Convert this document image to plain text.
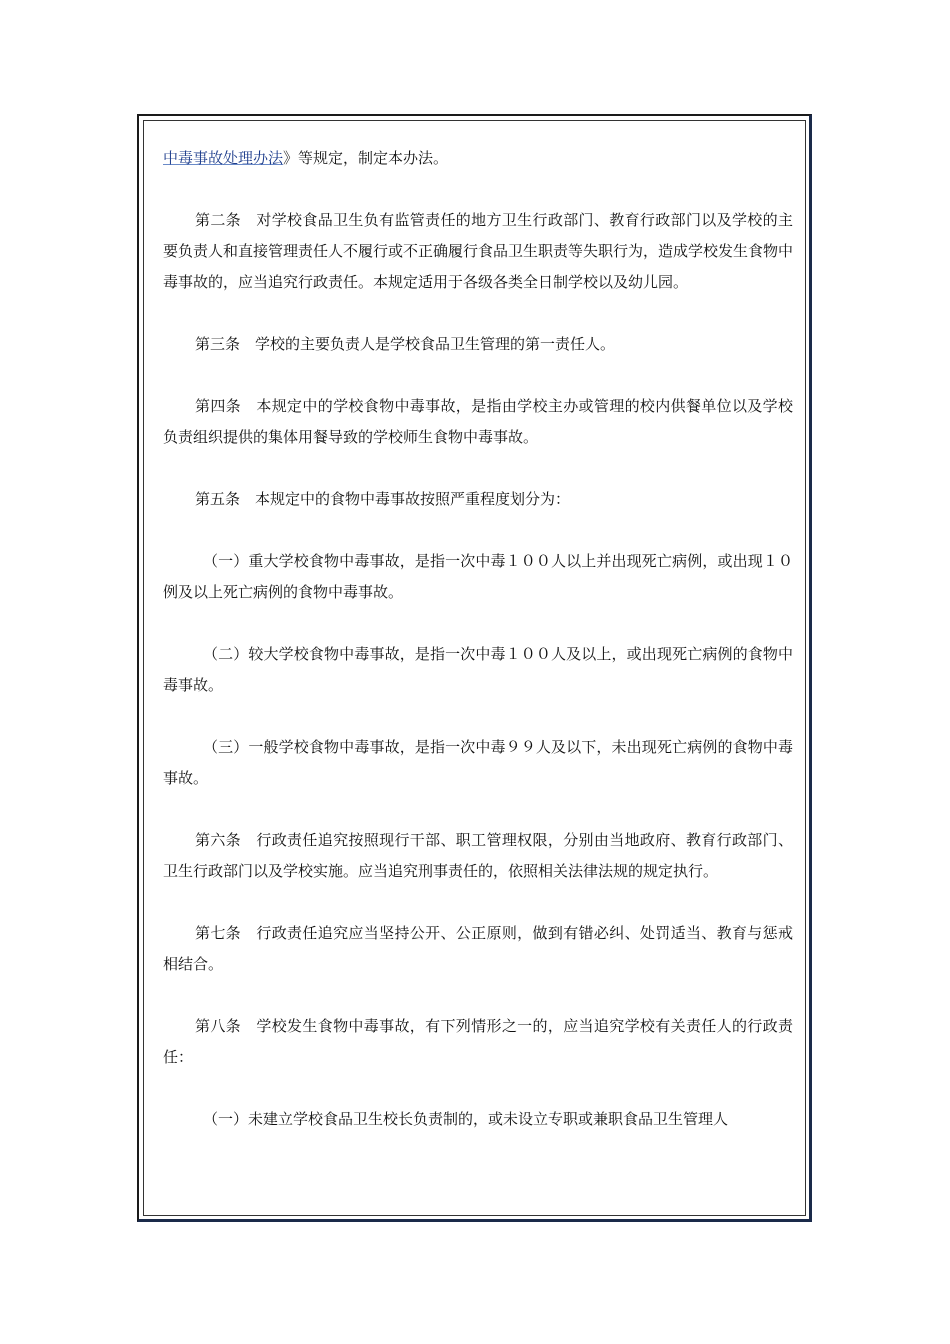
中毒事故处理办法》等规定，制定本办法。

第二条　对学校食品卫生负有监管责任的地方卫生行政部门、教育行政部门以及学校的主要负责人和直接管理责任人不履行或不正确履行食品卫生职责等失职行为，造成学校发生食物中毒事故的，应当追究行政责任。本规定适用于各级各类全日制学校以及幼儿园。

第三条　学校的主要负责人是学校食品卫生管理的第一责任人。

第四条　本规定中的学校食物中毒事故，是指由学校主办或管理的校内供餐单位以及学校负责组织提供的集体用餐导致的学校师生食物中毒事故。

第五条　本规定中的食物中毒事故按照严重程度划分为：

（一）重大学校食物中毒事故，是指一次中毒１００人以上并出现死亡病例，或出现１０例及以上死亡病例的食物中毒事故。

（二）较大学校食物中毒事故，是指一次中毒１００人及以上，或出现死亡病例的食物中毒事故。

（三）一般学校食物中毒事故，是指一次中毒９９人及以下，未出现死亡病例的食物中毒事故。

第六条　行政责任追究按照现行干部、职工管理权限，分别由当地政府、教育行政部门、卫生行政部门以及学校实施。应当追究刑事责任的，依照相关法律法规的规定执行。

第七条　行政责任追究应当坚持公开、公正原则，做到有错必纠、处罚适当、教育与惩戒相结合。

第八条　学校发生食物中毒事故，有下列情形之一的，应当追究学校有关责任人的行政责任：

（一）未建立学校食品卫生校长负责制的，或未设立专职或兼职食品卫生管理人
